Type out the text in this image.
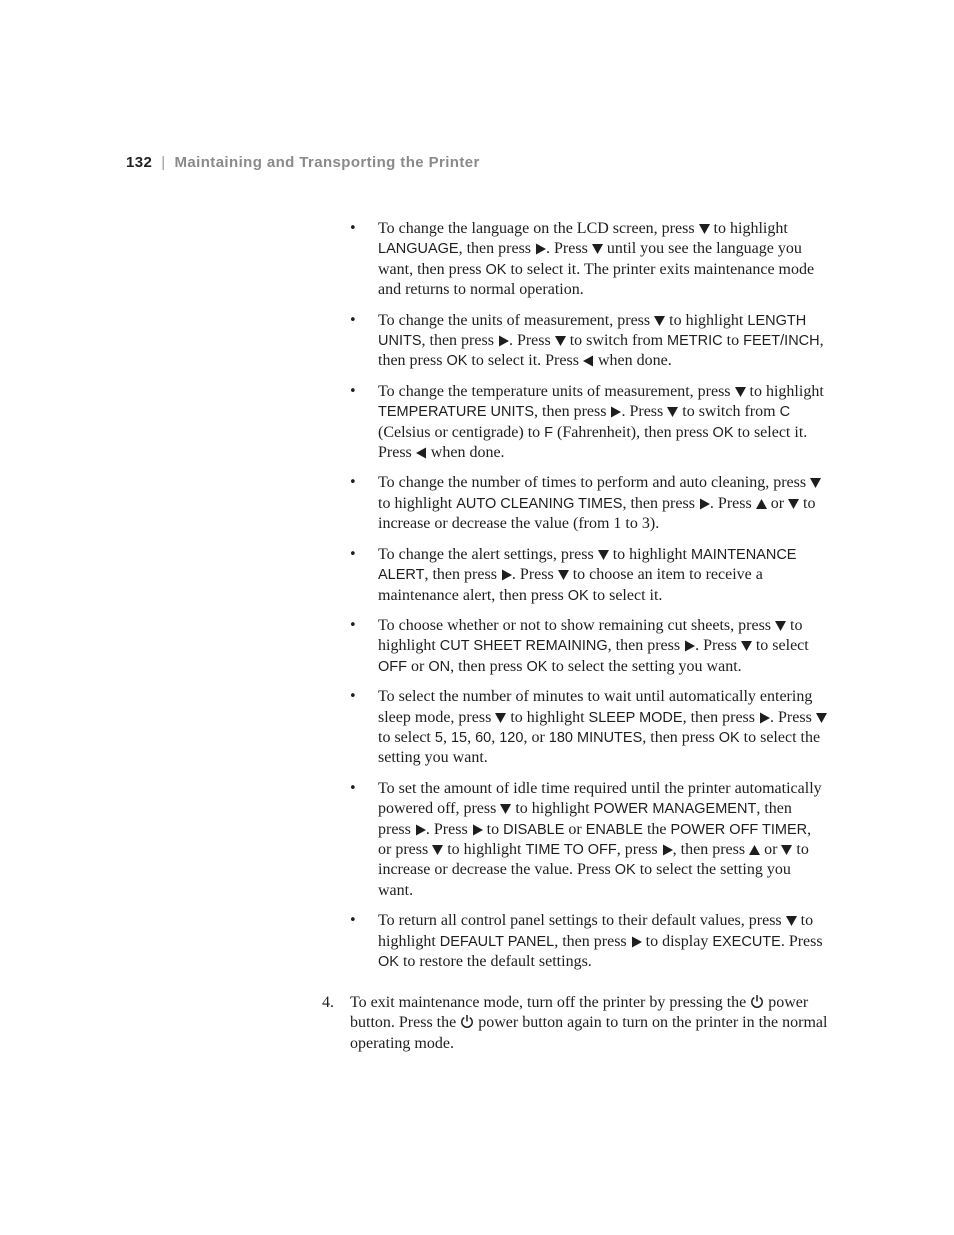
132 | Maintaining and Transporting the Printer
• To change the language on the LCD screen, press  to highlight LANGUAGE, then press . Press  until you see the language you want, then press OK to select it. The printer exits maintenance mode and returns to normal operation.
• To change the units of measurement, press  to highlight LENGTH UNITS, then press . Press  to switch from METRIC to FEET/INCH, then press OK to select it. Press  when done.
• To change the temperature units of measurement, press  to highlight TEMPERATURE UNITS, then press . Press  to switch from C (Celsius or centigrade) to F (Fahrenheit), then press OK to select it. Press  when done.
• To change the number of times to perform and auto cleaning, press  to highlight AUTO CLEANING TIMES, then press . Press  or  to increase or decrease the value (from 1 to 3).
• To change the alert settings, press  to highlight MAINTENANCE ALERT, then press . Press  to choose an item to receive a maintenance alert, then press OK to select it.
• To choose whether or not to show remaining cut sheets, press  to highlight CUT SHEET REMAINING, then press . Press  to select OFF or ON, then press OK to select the setting you want.
• To select the number of minutes to wait until automatically entering sleep mode, press  to highlight SLEEP MODE, then press . Press  to select 5, 15, 60, 120, or 180 MINUTES, then press OK to select the setting you want.
• To set the amount of idle time required until the printer automatically powered off, press  to highlight POWER MANAGEMENT, then press . Press  to DISABLE or ENABLE the POWER OFF TIMER, or press  to highlight TIME TO OFF, press , then press  or  to increase or decrease the value. Press OK to select the setting you want.
• To return all control panel settings to their default values, press  to highlight DEFAULT PANEL, then press  to display EXECUTE. Press OK to restore the default settings.
4. To exit maintenance mode, turn off the printer by pressing the  power button. Press the  power button again to turn on the printer in the normal operating mode.
